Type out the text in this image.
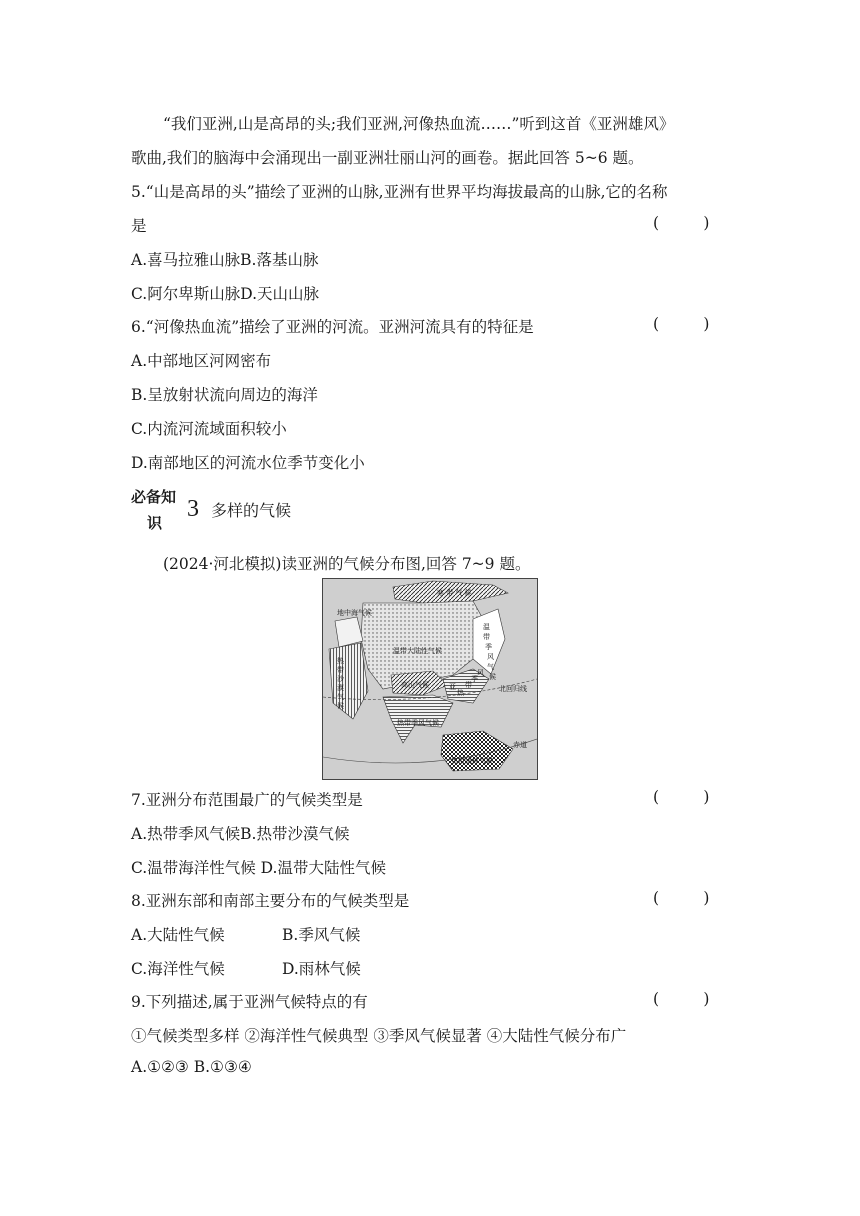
“我们亚洲,山是高昂的头;我们亚洲,河像热血流……”听到这首《亚洲雄风》
歌曲,我们的脑海中会涌现出一副亚洲壮丽山河的画卷。据此回答 5~6 题。
5.“山是高昂的头”描绘了亚洲的山脉,亚洲有世界平均海拔最高的山脉,它的名称
是	(         )
A.喜马拉雅山脉B.落基山脉
C.阿尔卑斯山脉D.天山山脉
6.“河像热血流”描绘了亚洲的河流。亚洲河流具有的特征是	(         )
A.中部地区河网密布
B.呈放射状流向周边的海洋
C.内流河流域面积较小
D.南部地区的河流水位季节变化小
必备知
识
3 多样的气候
(2024·河北模拟)读亚洲的气候分布图,回答 7~9 题。
寒 带 气 候
地中海气候
温带大陆性气候
温
带
季
风
气
候
高山气候
热
带
沙
漠
气
候
亚
热
带
季
风
热带季风气候
热带雨林气候
北回归线
赤道
7.亚洲分布范围最广的气候类型是	(         )
A.热带季风气候B.热带沙漠气候
C.温带海洋性气候 D.温带大陆性气候
8.亚洲东部和南部主要分布的气候类型是	(         )
A.大陆性气候	B.季风气候
C.海洋性气候	D.雨林气候
9.下列描述,属于亚洲气候特点的有	(         )
①气候类型多样 ②海洋性气候典型 ③季风气候显著 ④大陆性气候分布广
A.①②③ B.①③④
